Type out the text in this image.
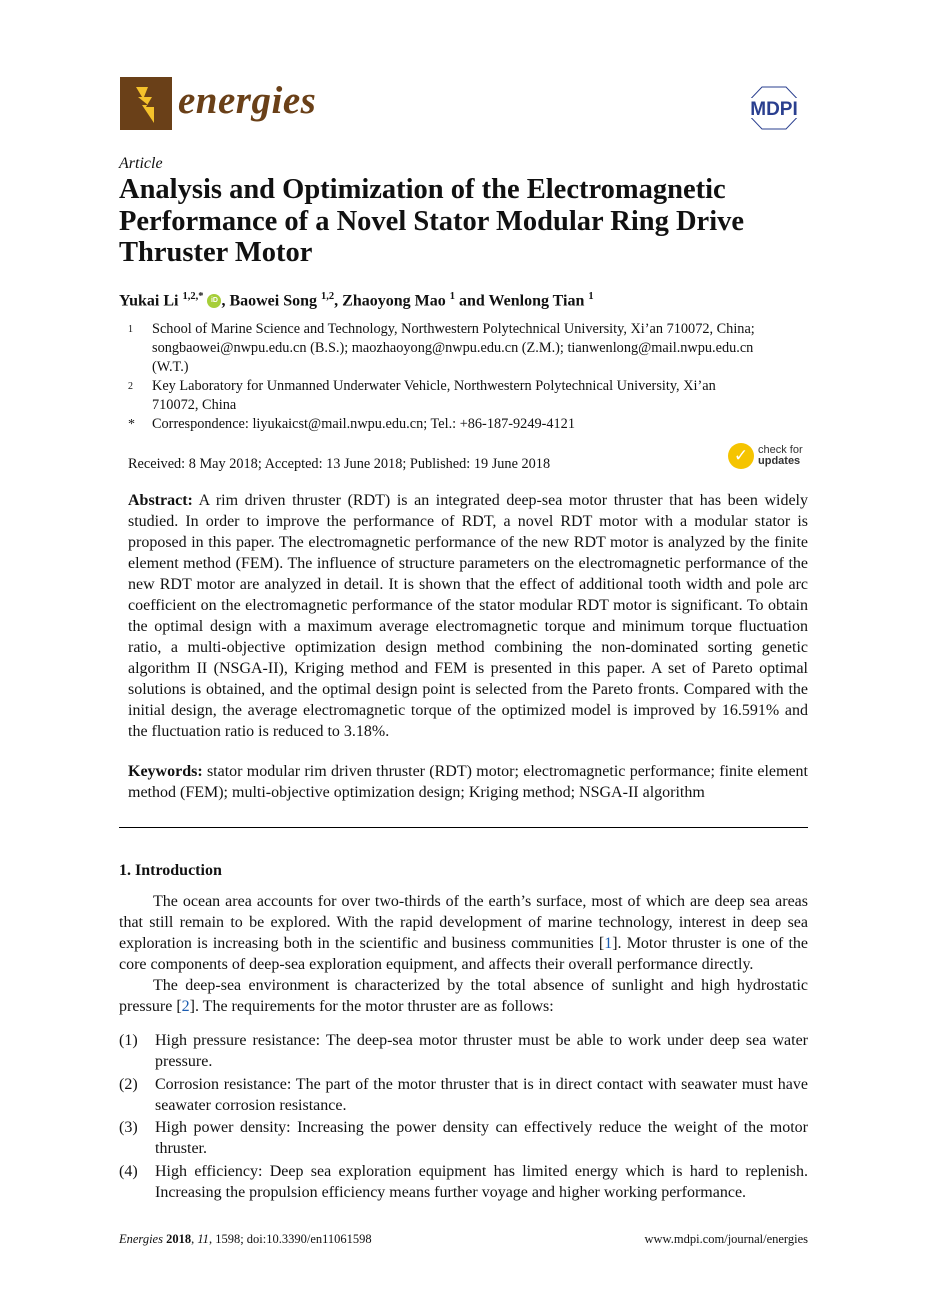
energies	MDPI
Article
Analysis and Optimization of the Electromagnetic Performance of a Novel Stator Modular Ring Drive Thruster Motor
Yukai Li $^{1,2,*}$ iD , Baowei Song $^{1,2}$, Zhaoyong Mao $^1$ and Wenlong Tian $^1$
1	School of Marine Science and Technology, Northwestern Polytechnical University, Xi’an 710072, China; songbaowei@nwpu.edu.cn (B.S.); maozhaoyong@nwpu.edu.cn (Z.M.); tianwenlong@mail.nwpu.edu.cn (W.T.)
2	Key Laboratory for Unmanned Underwater Vehicle, Northwestern Polytechnical University, Xi’an 710072, China
*	Correspondence: liyukaicst@mail.nwpu.edu.cn; Tel.: +86-187-9249-4121
Received: 8 May 2018; Accepted: 13 June 2018; Published: 19 June 2018	✓ check for
updates
Abstract: A rim driven thruster (RDT) is an integrated deep-sea motor thruster that has been widely studied. In order to improve the performance of RDT, a novel RDT motor with a modular stator is proposed in this paper. The electromagnetic performance of the new RDT motor is analyzed by the finite element method (FEM). The influence of structure parameters on the electromagnetic performance of the new RDT motor are analyzed in detail. It is shown that the effect of additional tooth width and pole arc coefficient on the electromagnetic performance of the stator modular RDT motor is significant. To obtain the optimal design with a maximum average electromagnetic torque and minimum torque fluctuation ratio, a multi-objective optimization design method combining the non-dominated sorting genetic algorithm II (NSGA-II), Kriging method and FEM is presented in this paper. A set of Pareto optimal solutions is obtained, and the optimal design point is selected from the Pareto fronts. Compared with the initial design, the average electromagnetic torque of the optimized model is improved by 16.591% and the fluctuation ratio is reduced to 3.18%.
Keywords: stator modular rim driven thruster (RDT) motor; electromagnetic performance; finite element method (FEM); multi-objective optimization design; Kriging method; NSGA-II algorithm
1. Introduction

The ocean area accounts for over two-thirds of the earth’s surface, most of which are deep sea areas that still remain to be explored. With the rapid development of marine technology, interest in deep sea exploration is increasing both in the scientific and business communities [1]. Motor thruster is one of the core components of deep-sea exploration equipment, and affects their overall performance directly.

The deep-sea environment is characterized by the total absence of sunlight and high hydrostatic pressure [2]. The requirements for the motor thruster are as follows:

(1)	High pressure resistance: The deep-sea motor thruster must be able to work under deep sea water pressure.
(2)	Corrosion resistance: The part of the motor thruster that is in direct contact with seawater must have seawater corrosion resistance.
(3)	High power density: Increasing the power density can effectively reduce the weight of the motor thruster.
(4)	High efficiency: Deep sea exploration equipment has limited energy which is hard to replenish. Increasing the propulsion efficiency means further voyage and higher working performance.
Energies 2018, 11, 1598; doi:10.3390/en11061598	www.mdpi.com/journal/energies
